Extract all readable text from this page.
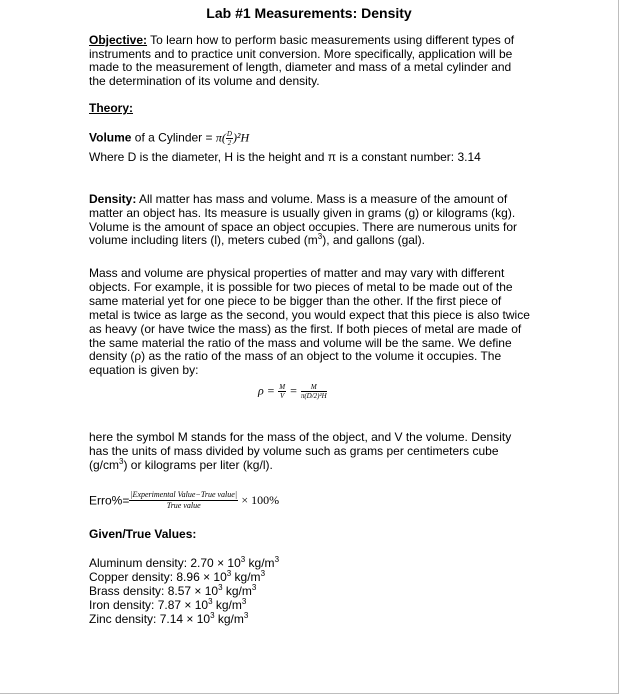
Lab #1 Measurements: Density
Objective: To learn how to perform basic measurements using different types of instruments and to practice unit conversion. More specifically, application will be made to the measurement of length, diameter and mass of a metal cylinder and the determination of its volume and density.
Theory:
Volume of a Cylinder = $\pi( \frac{D}{2} )^2H$
Where D is the diameter, H is the height and π is a constant number: 3.14
Density: All matter has mass and volume. Mass is a measure of the amount of matter an object has. Its measure is usually given in grams (g) or kilograms (kg). Volume is the amount of space an object occupies. There are numerous units for volume including liters (l), meters cubed $(m^3)$, and gallons (gal).
Mass and volume are physical properties of matter and may vary with different objects. For example, it is possible for two pieces of metal to be made out of the same material yet for one piece to be bigger than the other. If the first piece of metal is twice as large as the second, you would expect that this piece is also twice as heavy (or have twice the mass) as the first. If both pieces of metal are made of the same material the ratio of the mass and volume will be the same. We define density (ρ) as the ratio of the mass of an object to the volume it occupies. The equation is given by:
$\rho = \frac{M}{V} = \frac{M}{\text{π(D/2)²H}}$
here the symbol M stands for the mass of the object, and V the volume. Density has the units of mass divided by volume such as grams per centimeters cube $(g/cm^3)$ or kilograms per liter (kg/l).
Erro%= $\frac{\text{|Experimental Value−True value|}}{\text{True value}} \times 100\%$
Given/True Values:
Aluminum density: $2.70 \times 10^3$ $kg/m^3$
Copper density: $8.96 \times 10^3$ $kg/m^3$
Brass density: $8.57 \times 10^3$ $kg/m^3$
Iron density: $7.87 \times 10^3$ $kg/m^3$
Zinc density: $7.14 \times 10^3$ $kg/m^3$
